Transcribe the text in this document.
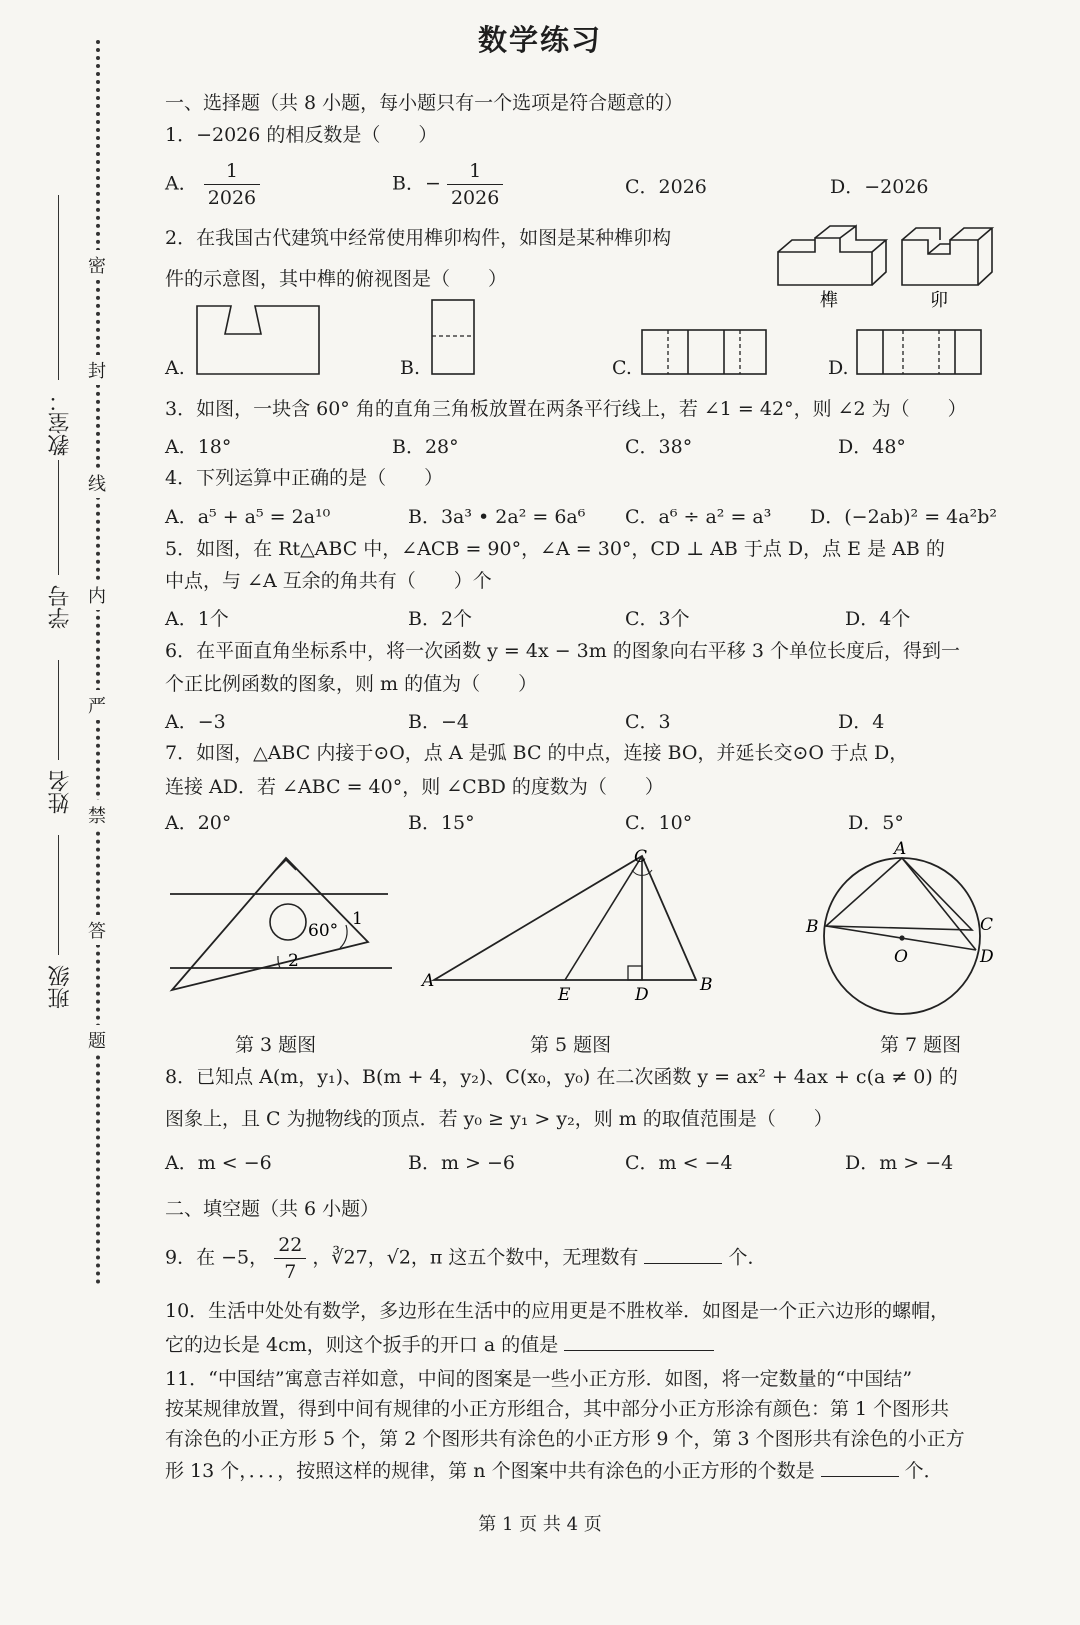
教室：
学号
姓名
班级
密
封
线
内
严
禁
答
题
数学练习
一、选择题（共 8 小题，每小题只有一个选项是符合题意的）
1．−2026 的相反数是（　　）
A． $\frac{1}{2026}$	B．− $\frac{1}{2026}$	C．2026	D．−2026
2．在我国古代建筑中经常使用榫卯构件，如图是某种榫卯构
件的示意图，其中榫的俯视图是（　　）
榫	卯
A.	B.	C.	D.
3．如图，一块含 60° 角的直角三角板放置在两条平行线上，若 ∠1 = 42°，则 ∠2 为（　　）
A．18°	B．28°	C．38°	D．48°
4．下列运算中正确的是（　　）
A．a⁵ + a⁵ = 2a¹⁰	B．3a³ • 2a² = 6a⁶ C．a⁶ ÷ a² = a³ D．(−2ab)² = 4a²b²
5．如图，在 Rt△ABC 中，∠ACB = 90°，∠A = 30°，CD ⊥ AB 于点 D，点 E 是 AB 的
中点，与 ∠A 互余的角共有（　　）个
A．1个	B．2个	C．3个	D．4个
6．在平面直角坐标系中，将一次函数 y = 4x − 3m 的图象向右平移 3 个单位长度后，得到一
个正比例函数的图象，则 m 的值为（　　）
A．−3	B．−4	C．3	D．4
7．如图，△ABC 内接于⊙O，点 A 是弧 BC 的中点，连接 BO，并延长交⊙O 于点 D，
连接 AD．若 ∠ABC = 40°，则 ∠CBD 的度数为（　　）
A．20°	B．15°	C．10°	D．5°
60°
1
2
第 3 题图
A	B
C
D
E
第 5 题图
A
B	C
D
O
第 7 题图
8．已知点 A(m，y₁)、B(m + 4，y₂)、C(x₀，y₀) 在二次函数 y = ax² + 4ax + c(a ≠ 0) 的
图象上，且 C 为抛物线的顶点．若 y₀ ≥ y₁ > y₂，则 m 的取值范围是（　　）
A．m < −6	B．m > −6	C．m < −4	D．m > −4
二、填空题（共 6 小题）
9．在 −5， $\frac{22}{7}$ ，∛27，√2，π 这五个数中，无理数有	个．
10．生活中处处有数学，多边形在生活中的应用更是不胜枚举．如图是一个正六边形的螺帽，
它的边长是 4cm，则这个扳手的开口 a 的值是
11．“中国结”寓意吉祥如意，中间的图案是一些小正方形．如图，将一定数量的“中国结”
按某规律放置，得到中间有规律的小正方形组合，其中部分小正方形涂有颜色：第 1 个图形共
有涂色的小正方形 5 个，第 2 个图形共有涂色的小正方形 9 个，第 3 个图形共有涂色的小正方
形 13 个，．．．，按照这样的规律，第 n 个图案中共有涂色的小正方形的个数是	个．
第 1 页 共 4 页
